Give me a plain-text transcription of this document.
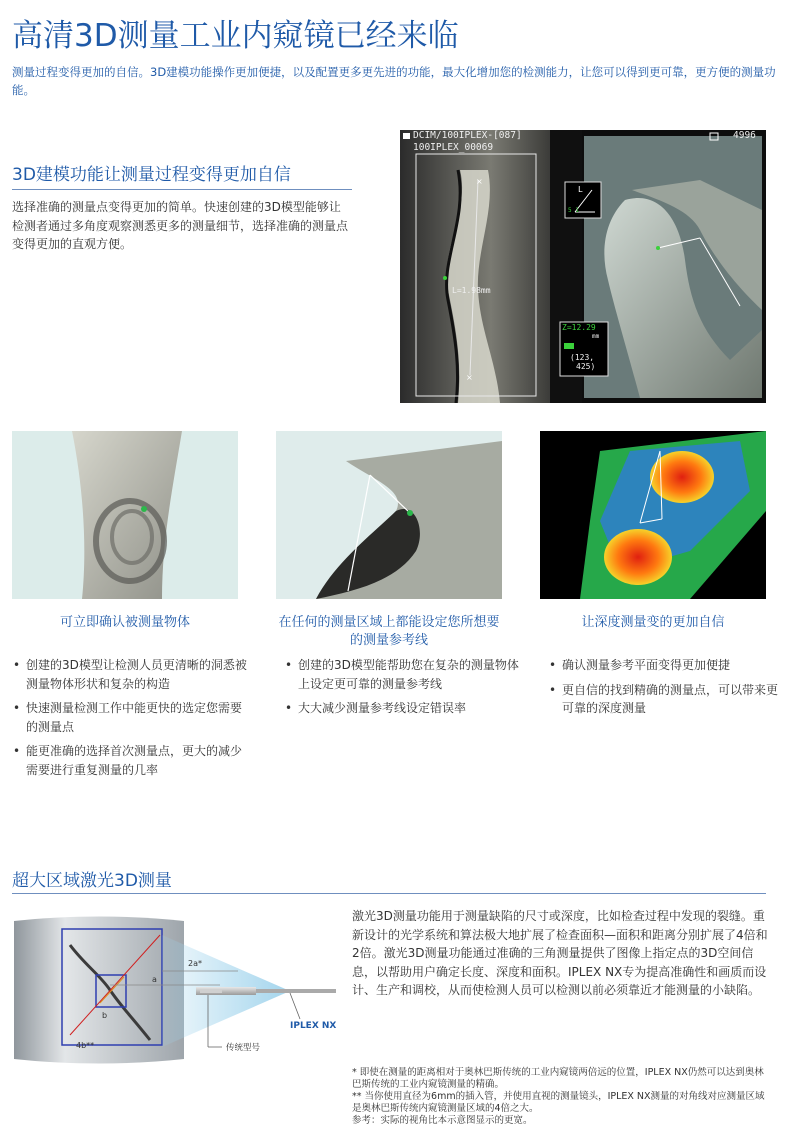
高清3D测量工业内窥镜已经来临
测量过程变得更加的自信。3D建模功能操作更加便捷，以及配置更多更先进的功能，最大化增加您的检测能力，让您可以得到更可靠，更方便的测量功能。
3D建模功能让测量过程变得更加自信
选择准确的测量点变得更加的简单。快速创建的3D模型能够让检测者通过多角度观察测悉更多的测量细节，选择准确的测量点变得更加的直观方便。
×
×
DCIM/100IPLEX-[087]
100IPLEX_00069
4996
L=1.98mm
L
5 1
Z=12.29
mm
(123,
425)
可立即确认被测量物体	在任何的测量区域上都能设定您所想要的测量参考线
让深度测量变的更加自信
• 创建的3D模型让检测人员更清晰的洞悉被测量物体形状和复杂的构造
• 快速测量检测工作中能更快的选定您需要的测量点
• 能更准确的选择首次测量点，更大的减少需要进行重复测量的几率
• 创建的3D模型能帮助您在复杂的测量物体上设定更可靠的测量参考线
• 大大减少测量参考线设定错误率
• 确认测量参考平面变得更加便捷
• 更自信的找到精确的测量点，可以带来更可靠的深度测量
超大区域激光3D测量
2a*
a
b
4b**
IPLEX NX
传统型号
激光3D测量功能用于测量缺陷的尺寸或深度，比如检查过程中发现的裂缝。重新设计的光学系统和算法极大地扩展了检查面积—面积和距离分别扩展了4倍和2倍。激光3D测量功能通过准确的三角测量提供了图像上指定点的3D空间信息，以帮助用户确定长度、深度和面积。IPLEX NX专为提高准确性和画质而设计、生产和调校，从而使检测人员可以检测以前必须靠近才能测量的小缺陷。
* 即使在测量的距离相对于奥林巴斯传统的工业内窥镜两倍远的位置，IPLEX NX仍然可以达到奥林巴斯传统的工业内窥镜测量的精确。
** 当你使用直径为6mm的插入管，并使用直视的测量镜头，IPLEX NX测量的对角线对应测量区域是奥林巴斯传统内窥镜测量区域的4倍之大。
参考：实际的视角比本示意图显示的更宽。
